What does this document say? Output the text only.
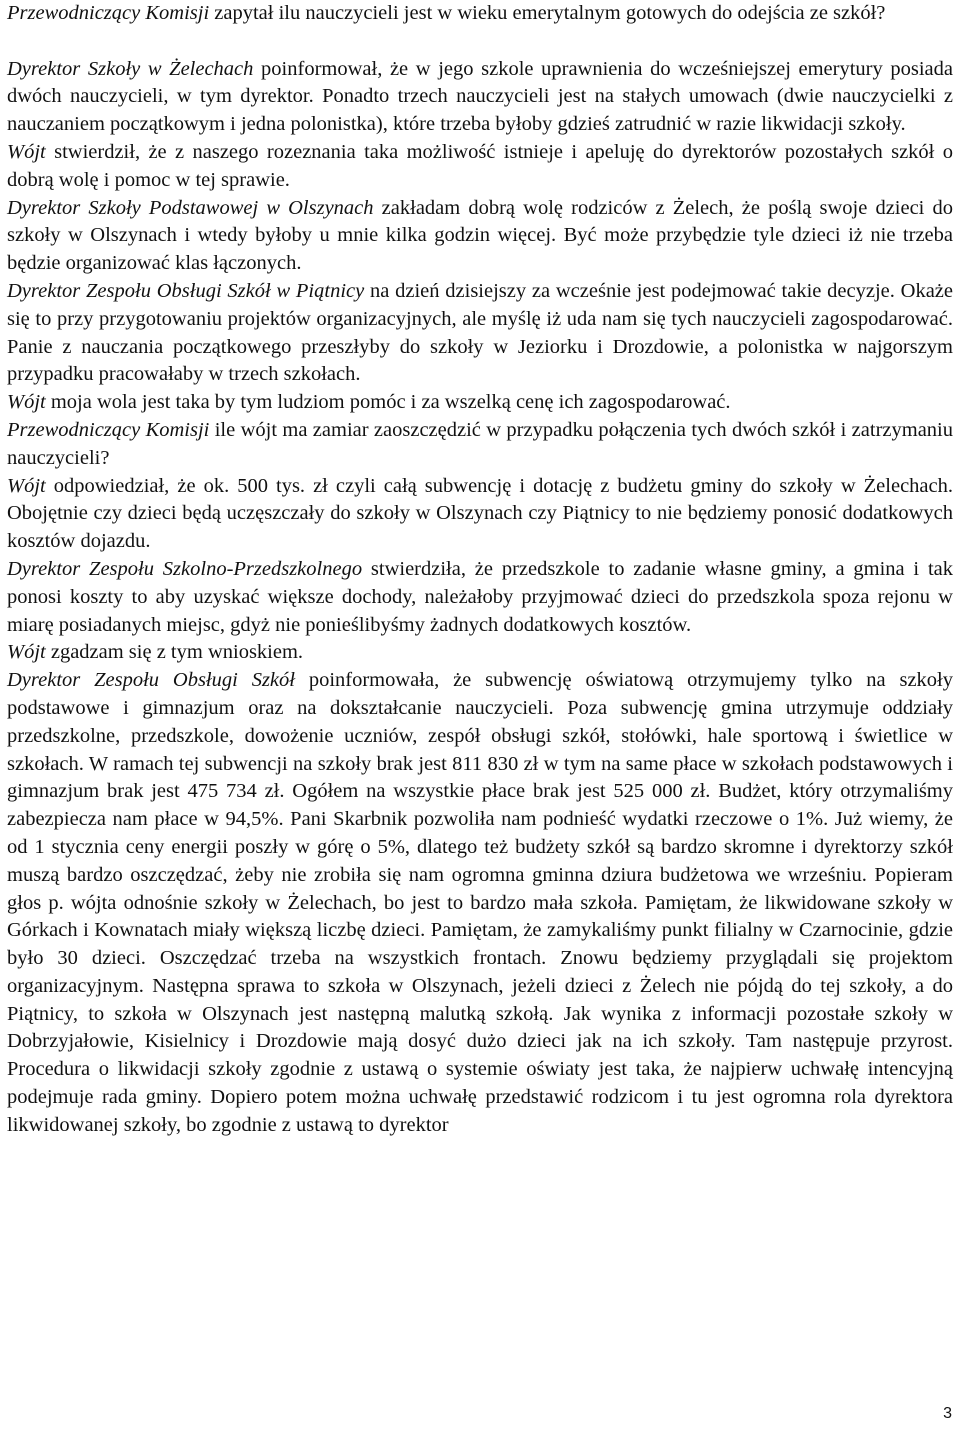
Przewodniczący Komisji zapytał ilu nauczycieli jest w wieku emerytalnym gotowych do odejścia ze szkół?

Dyrektor Szkoły w Żelechach poinformował, że w jego szkole uprawnienia do wcześniejszej emerytury posiada dwóch nauczycieli, w tym dyrektor. Ponadto trzech nauczycieli jest na stałych umowach (dwie nauczycielki z nauczaniem początkowym i jedna polonistka), które trzeba byłoby gdzieś zatrudnić w razie likwidacji szkoły.

Wójt stwierdził, że z naszego rozeznania taka możliwość istnieje i apeluję do dyrektorów pozostałych szkół o dobrą wolę i pomoc w tej sprawie.

Dyrektor Szkoły Podstawowej w Olszynach zakładam dobrą wolę rodziców z Żelech, że poślą swoje dzieci do szkoły w Olszynach i wtedy byłoby u mnie kilka godzin więcej. Być może przybędzie tyle dzieci iż nie trzeba będzie organizować klas łączonych.

Dyrektor Zespołu Obsługi Szkół w Piątnicy na dzień dzisiejszy za wcześnie jest podejmować takie decyzje. Okaże się to przy przygotowaniu projektów organizacyjnych, ale myślę iż uda nam się tych nauczycieli zagospodarować. Panie z nauczania początkowego przeszłyby do szkoły w Jeziorku i Drozdowie, a polonistka w najgorszym przypadku pracowałaby w trzech szkołach.

Wójt moja wola jest taka by tym ludziom pomóc i za wszelką cenę ich zagospodarować.

Przewodniczący Komisji ile wójt ma zamiar zaoszczędzić w przypadku połączenia tych dwóch szkół i zatrzymaniu nauczycieli?

Wójt odpowiedział, że ok. 500 tys. zł czyli całą subwencję i dotację z budżetu gminy do szkoły w Żelechach. Obojętnie czy dzieci będą uczęszczały do szkoły w Olszynach czy Piątnicy to nie będziemy ponosić dodatkowych kosztów dojazdu.

Dyrektor Zespołu Szkolno-Przedszkolnego stwierdziła, że przedszkole to zadanie własne gminy, a gmina i tak ponosi koszty to aby uzyskać większe dochody, należałoby przyjmować dzieci do przedszkola spoza rejonu w miarę posiadanych miejsc, gdyż nie ponieślibyśmy żadnych dodatkowych kosztów.

Wójt zgadzam się z tym wnioskiem.

Dyrektor Zespołu Obsługi Szkół poinformowała, że subwencję oświatową otrzymujemy tylko na szkoły podstawowe i gimnazjum oraz na dokształcanie nauczycieli. Poza subwencję gmina utrzymuje oddziały przedszkolne, przedszkole, dowożenie uczniów, zespół obsługi szkół, stołówki, hale sportową i świetlice w szkołach. W ramach tej subwencji na szkoły brak jest 811 830 zł w tym na same płace w szkołach podstawowych i gimnazjum brak jest 475 734 zł. Ogółem na wszystkie płace brak jest 525 000 zł. Budżet, który otrzymaliśmy zabezpiecza nam płace w 94,5%. Pani Skarbnik pozwoliła nam podnieść wydatki rzeczowe o 1%. Już wiemy, że od 1 stycznia ceny energii poszły w górę o 5%, dlatego też budżety szkół są bardzo skromne i dyrektorzy szkół muszą bardzo oszczędzać, żeby nie zrobiła się nam ogromna gminna dziura budżetowa we wrześniu. Popieram głos p. wójta odnośnie szkoły w Żelechach, bo jest to bardzo mała szkoła. Pamiętam, że likwidowane szkoły w Górkach i Kownatach miały większą liczbę dzieci. Pamiętam, że zamykaliśmy punkt filialny w Czarnocinie, gdzie było 30 dzieci. Oszczędzać trzeba na wszystkich frontach. Znowu będziemy przyglądali się projektom organizacyjnym. Następna sprawa to szkoła w Olszynach, jeżeli dzieci z Żelech nie pójdą do tej szkoły, a do Piątnicy, to szkoła w Olszynach jest następną malutką szkołą. Jak wynika z informacji pozostałe szkoły w Dobrzyjałowie, Kisielnicy i Drozdowie mają dosyć dużo dzieci jak na ich szkoły. Tam następuje przyrost. Procedura o likwidacji szkoły zgodnie z ustawą o systemie oświaty jest taka, że najpierw uchwałę intencyjną podejmuje rada gminy. Dopiero potem można uchwałę przedstawić rodzicom i tu jest ogromna rola dyrektora likwidowanej szkoły, bo zgodnie z ustawą to dyrektor

3
